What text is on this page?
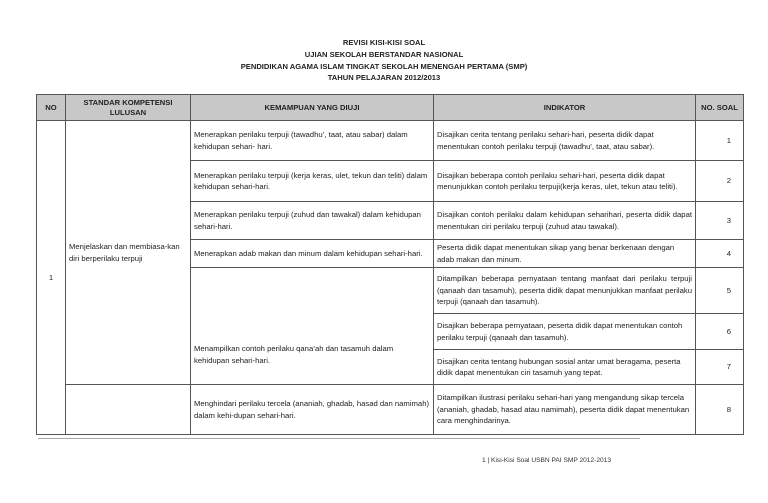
REVISI KISI-KISI SOAL
UJIAN SEKOLAH BERSTANDAR NASIONAL
PENDIDIKAN AGAMA ISLAM TINGKAT SEKOLAH MENENGAH PERTAMA (SMP)
TAHUN PELAJARAN 2012/2013
NO	STANDAR KOMPETENSI LULUSAN	KEMAMPUAN YANG DIUJI	INDIKATOR	NO. SOAL
1	Menjelaskan dan membiasa-kan diri berperilaku terpuji	Menerapkan perilaku terpuji (tawadhu’, taat, atau sabar) dalam kehidupan sehari- hari.	Disajikan cerita tentang perilaku sehari-hari, peserta didik dapat menentukan contoh perilaku terpuji (tawadhu', taat, atau sabar).	1
		Menerapkan perilaku terpuji (kerja keras, ulet, tekun dan teliti) dalam kehidupan sehari-hari.	Disajikan beberapa contoh perilaku sehari-hari, peserta didik dapat menunjukkan contoh perilaku terpuji(kerja keras, ulet, tekun atau teliti).	2
		Menerapkan perilaku terpuji (zuhud dan tawakal) dalam kehidupan sehari-hari.	Disajikan contoh perilaku dalam kehidupan seharihari, peserta didik dapat menentukan ciri perilaku terpuji (zuhud atau tawakal).	3
		Menerapkan adab makan dan minum dalam kehidupan sehari-hari.	Peserta didik dapat menentukan sikap yang benar berkenaan dengan adab makan dan minum.	4
		Menampilkan contoh perilaku qana’ah dan tasamuh dalam kehidupan sehari-hari.	Ditampilkan beberapa pernyataan tentang manfaat dari perilaku terpuji (qanaah dan tasamuh), peserta didik dapat menunjukkan manfaat perilaku terpuji (qanaah dan tasamuh).	5
			Disajikan beberapa pernyataan, peserta didik dapat menentukan contoh perilaku terpuji (qanaah dan tasamuh).	6
			Disajikan cerita tentang hubungan sosial antar umat beragama, peserta didik dapat menentukan ciri tasamuh yang tepat.	7
		Menghindari perilaku tercela (ananiah, ghadab, hasad dan namimah) dalam kehi-dupan sehari-hari.	Ditampilkan ilustrasi perilaku sehari-hari yang mengandung sikap tercela (ananiah, ghadab, hasad atau namimah), peserta didik dapat menentukan cara menghindarinya.	8
1 | Kisi-Kisi Soal USBN PAI SMP 2012-2013
